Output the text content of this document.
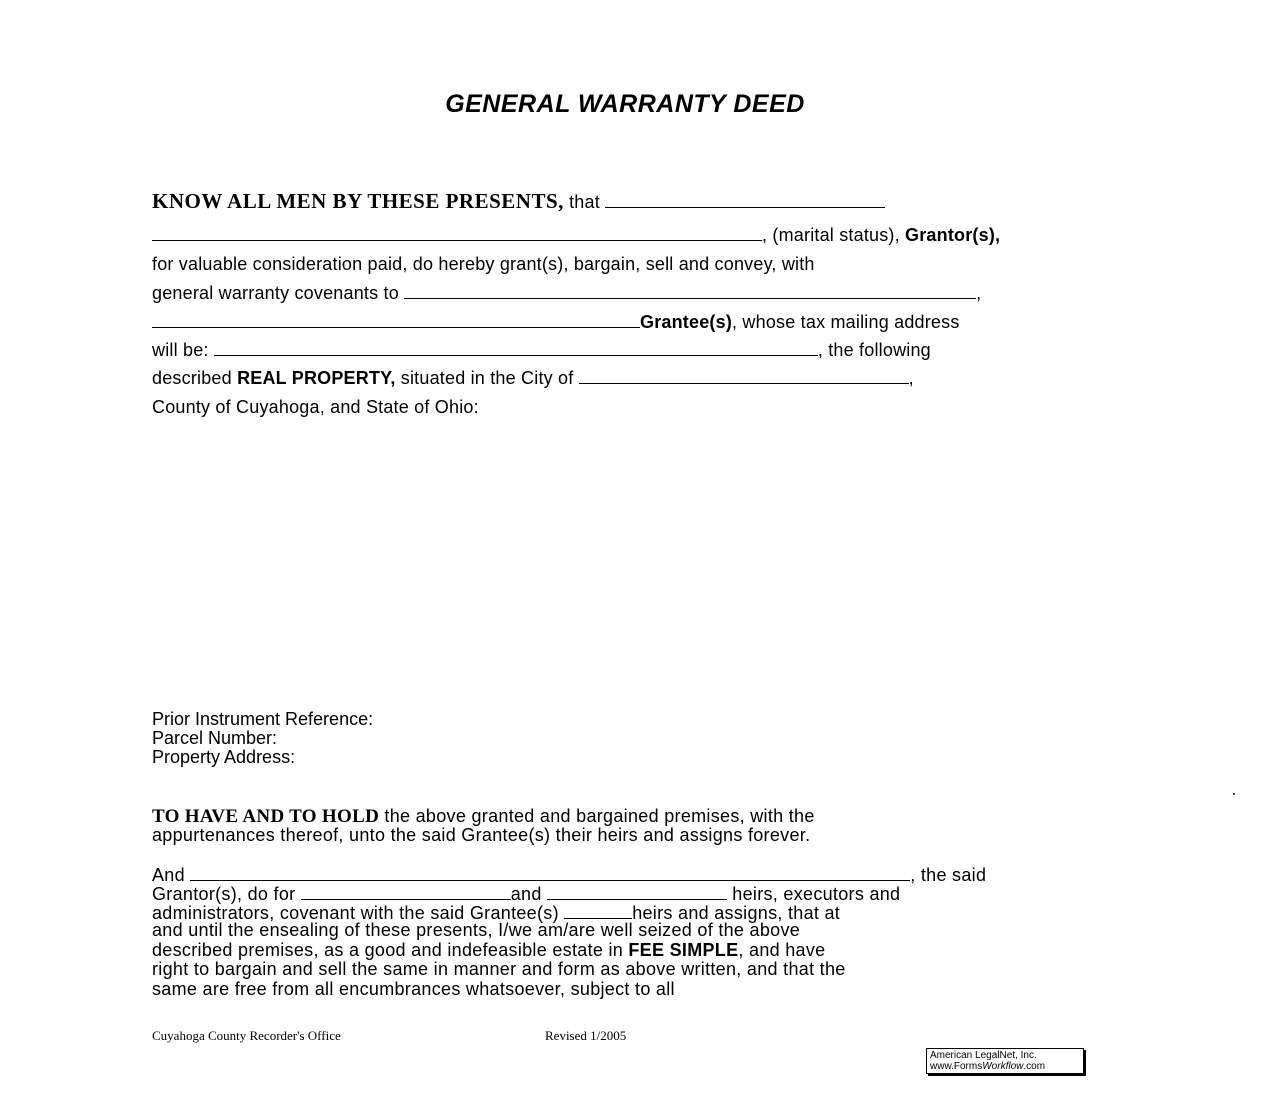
GENERAL WARRANTY DEED
KNOW ALL MEN BY THESE PRESENTS, that
, (marital status), Grantor(s),
for valuable consideration paid, do hereby grant(s), bargain, sell and convey, with
general warranty covenants to	,
Grantee(s), whose tax mailing address
will be:	, the following
described REAL PROPERTY, situated in the City of	,
County of Cuyahoga, and State of Ohio:
Prior Instrument Reference:
Parcel Number:
Property Address:
TO HAVE AND TO HOLD the above granted and bargained premises, with the
appurtenances thereof, unto the said Grantee(s) their heirs and assigns forever.
And	, the said
Grantor(s), do for	and	heirs, executors and
administrators, covenant with the said Grantee(s)	heirs and assigns, that at
and until the ensealing of these presents, I/we am/are well seized of the above
described premises, as a good and indefeasible estate in FEE SIMPLE, and have
right to bargain and sell the same in manner and form as above written, and that the
same are free from all encumbrances whatsoever, subject to all
Cuyahoga County Recorder's Office	Revised 1/2005
American LegalNet, Inc.
www.FormsWorkflow.com
